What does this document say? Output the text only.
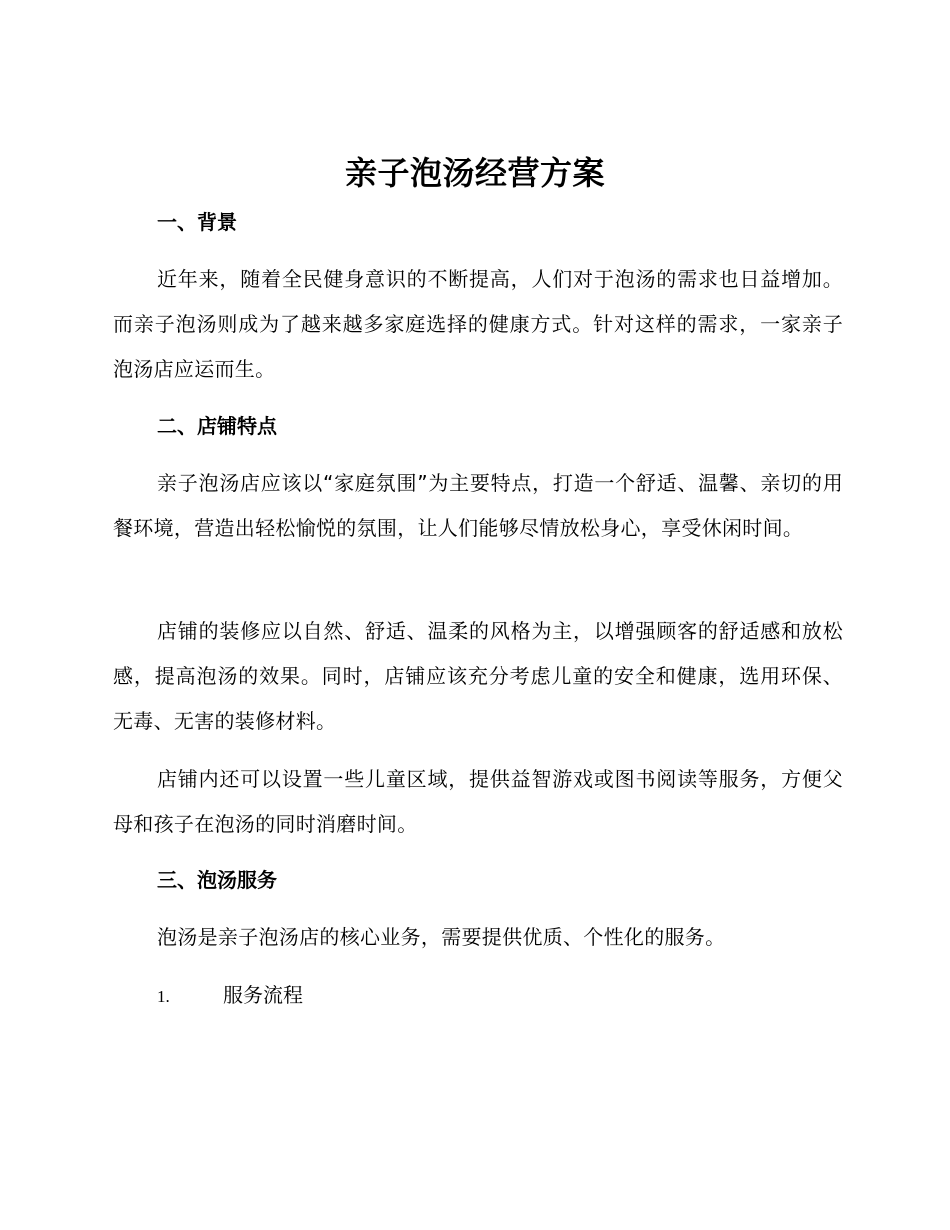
亲子泡汤经营方案
一、背景
近年来，随着全民健身意识的不断提高，人们对于泡汤的需求也日益增加。而亲子泡汤则成为了越来越多家庭选择的健康方式。针对这样的需求，一家亲子泡汤店应运而生。
二、店铺特点
亲子泡汤店应该以“家庭氛围”为主要特点，打造一个舒适、温馨、亲切的用餐环境，营造出轻松愉悦的氛围，让人们能够尽情放松身心，享受休闲时间。
店铺的装修应以自然、舒适、温柔的风格为主，以增强顾客的舒适感和放松感，提高泡汤的效果。同时，店铺应该充分考虑儿童的安全和健康，选用环保、无毒、无害的装修材料。
店铺内还可以设置一些儿童区域，提供益智游戏或图书阅读等服务，方便父母和孩子在泡汤的同时消磨时间。
三、泡汤服务
泡汤是亲子泡汤店的核心业务，需要提供优质、个性化的服务。
1.	服务流程
